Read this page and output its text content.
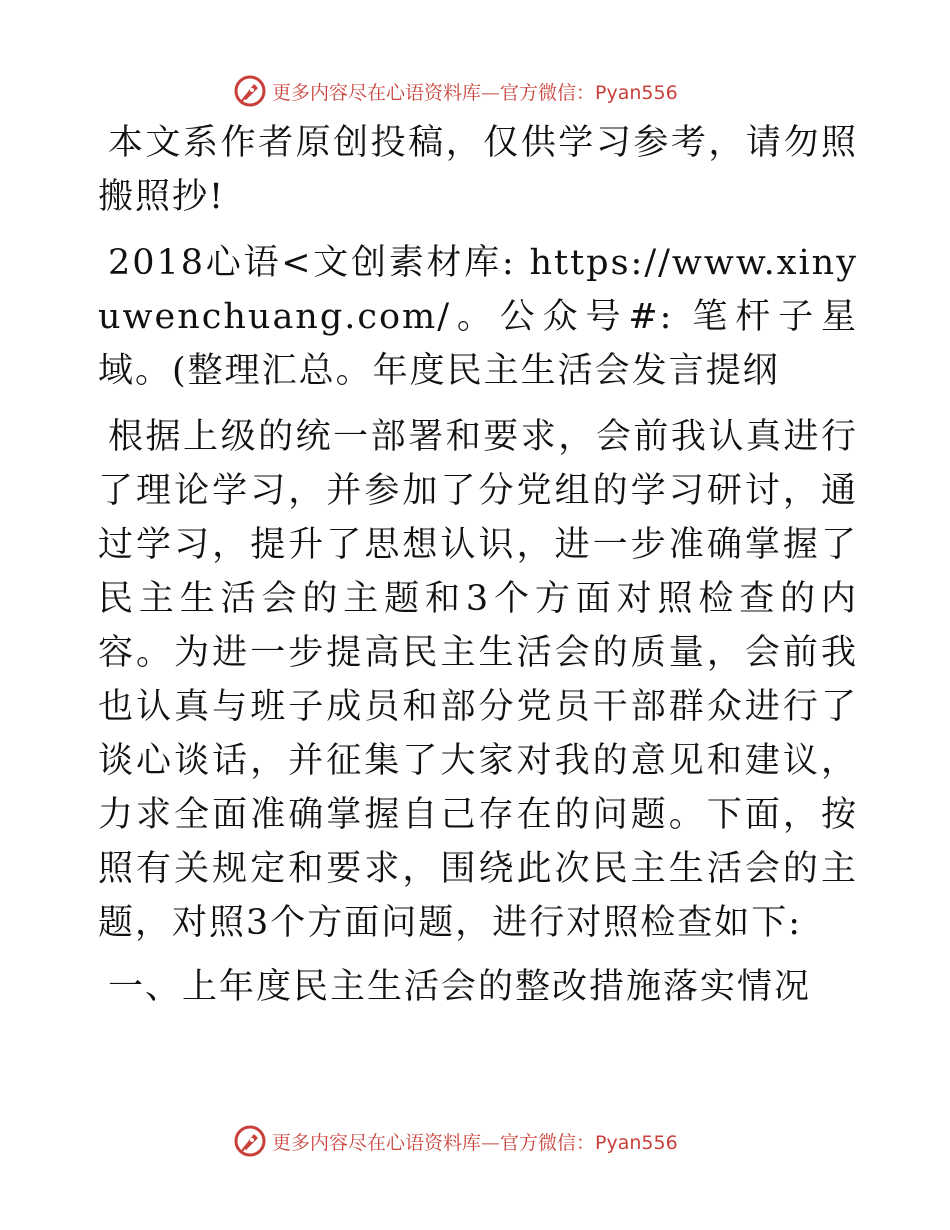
更多内容尽在心语资料库—官方微信：Pyan556

本文系作者原创投稿，仅供学习参考，请勿照搬照抄!

2018心语<文创素材库: https://www.xinyuwenchuang.com/。公众号#: 笔杆子星域。(整理汇总。年度民主生活会发言提纲

根据上级的统一部署和要求，会前我认真进行了理论学习，并参加了分党组的学习研讨，通过学习，提升了思想认识，进一步准确掌握了民主生活会的主题和3个方面对照检查的内容。为进一步提高民主生活会的质量，会前我也认真与班子成员和部分党员干部群众进行了谈心谈话，并征集了大家对我的意见和建议，力求全面准确掌握自己存在的问题。下面，按照有关规定和要求，围绕此次民主生活会的主题，对照3个方面问题，进行对照检查如下:

一、上年度民主生活会的整改措施落实情况

更多内容尽在心语资料库—官方微信：Pyan556
